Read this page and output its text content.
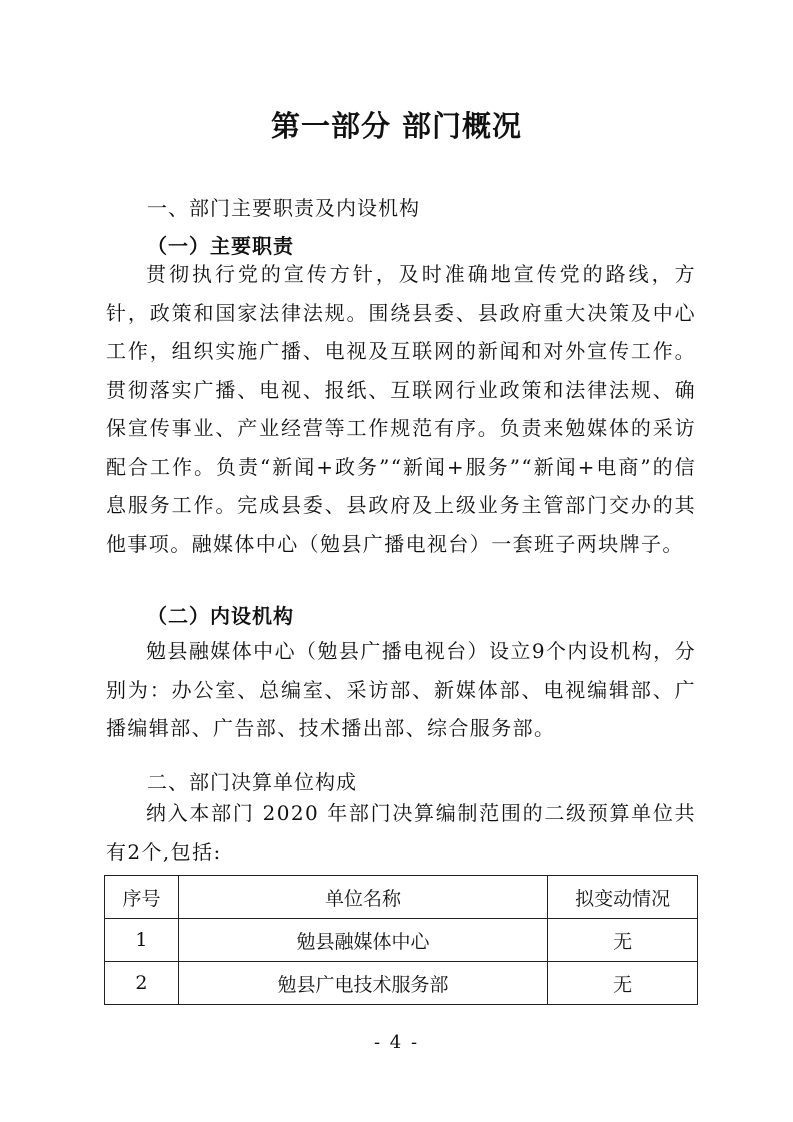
第一部分 部门概况
一、部门主要职责及内设机构
（一）主要职责

贯彻执行党的宣传方针，及时准确地宣传党的路线，方针，政策和国家法律法规。围绕县委、县政府重大决策及中心工作，组织实施广播、电视及互联网的新闻和对外宣传工作。贯彻落实广播、电视、报纸、互联网行业政策和法律法规、确保宣传事业、产业经营等工作规范有序。负责来勉媒体的采访配合工作。负责“新闻+政务”“新闻+服务”“新闻+电商”的信息服务工作。完成县委、县政府及上级业务主管部门交办的其他事项。融媒体中心（勉县广播电视台）一套班子两块牌子。

（二）内设机构

勉县融媒体中心（勉县广播电视台）设立9个内设机构，分别为：办公室、总编室、采访部、新媒体部、电视编辑部、广播编辑部、广告部、技术播出部、综合服务部。

二、部门决算单位构成

纳入本部门 2020 年部门决算编制范围的二级预算单位共有2个,包括:

序号	单位名称	拟变动情况
1	勉县融媒体中心	无
2	勉县广电技术服务部	无
- 4 -
